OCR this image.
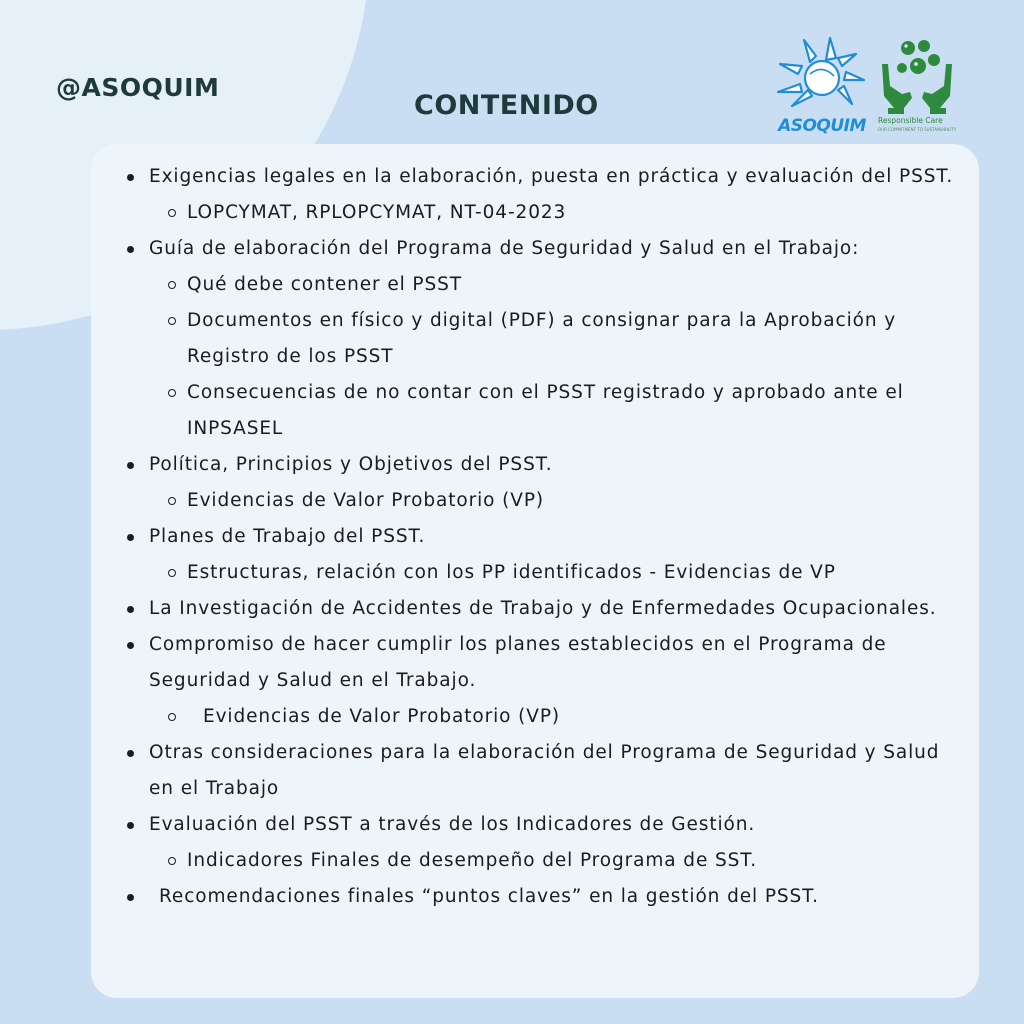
@ASOQUIM
CONTENIDO
ASOQUIM	Responsible Care
OUR COMMITMENT TO SUSTAINABILITY
Exigencias legales en la elaboración, puesta en práctica y evaluación del PSST.
LOPCYMAT, RPLOPCYMAT, NT-04-2023
Guía de elaboración del Programa de Seguridad y Salud en el Trabajo:
Qué debe contener el PSST
Documentos en físico y digital (PDF) a consignar para la Aprobación y Registro de los PSST
Consecuencias de no contar con el PSST registrado y aprobado ante el INPSASEL
Política, Principios y Objetivos del PSST.
Evidencias de Valor Probatorio (VP)
Planes de Trabajo del PSST.
Estructuras, relación con los PP identificados - Evidencias de VP
La Investigación de Accidentes de Trabajo y de Enfermedades Ocupacionales.
Compromiso de hacer cumplir los planes establecidos en el Programa de Seguridad y Salud en el Trabajo.
Evidencias de Valor Probatorio (VP)
Otras consideraciones para la elaboración del Programa de Seguridad y Salud en el Trabajo
Evaluación del PSST a través de los Indicadores de Gestión.
Indicadores Finales de desempeño del Programa de SST.
Recomendaciones finales “puntos claves” en la gestión del PSST.
